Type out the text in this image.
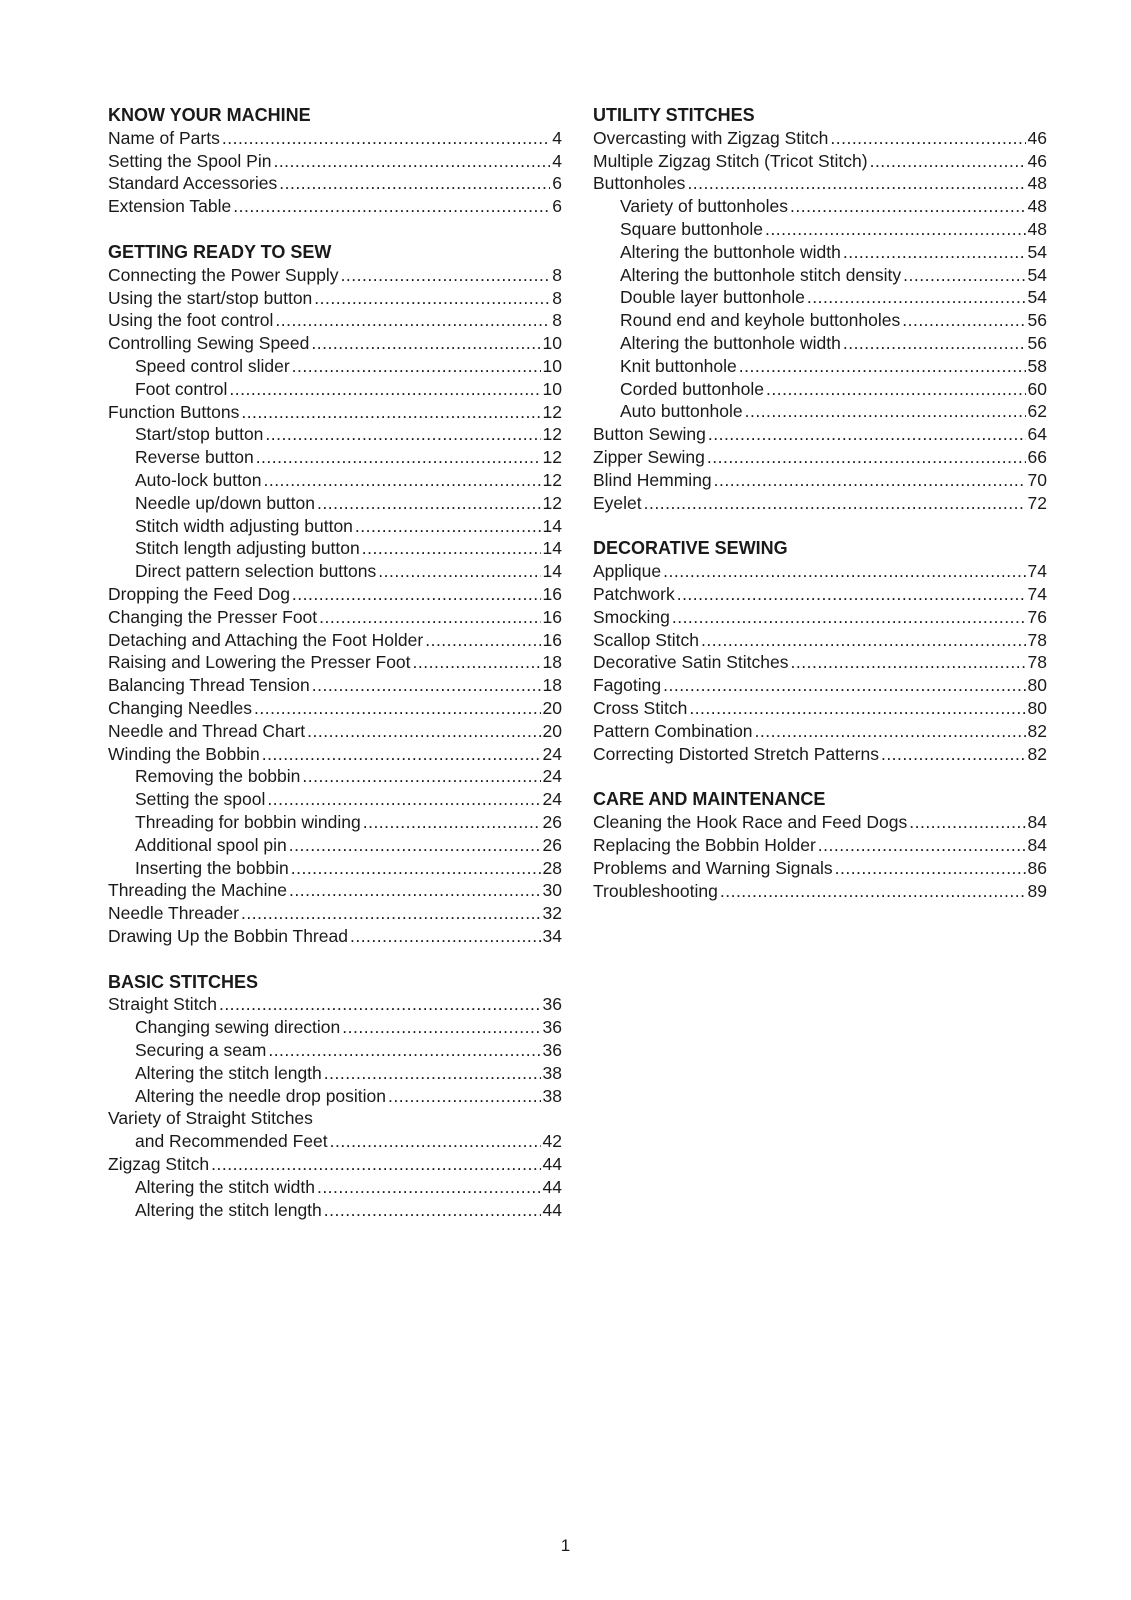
KNOW YOUR MACHINE
Name of Parts .....	4
Setting the Spool Pin .....	4
Standard Accessories .....	6
Extension Table .....	6
GETTING READY TO SEW
Connecting the Power Supply .....	8
Using the start/stop button .....	8
Using the foot control .....	8
Controlling Sewing Speed .....	10
Speed control slider .....	10
Foot control .....	10
Function Buttons .....	12
Start/stop button .....	12
Reverse button .....	12
Auto-lock button .....	12
Needle up/down button .....	12
Stitch width adjusting button .....	14
Stitch length adjusting button .....	14
Direct pattern selection buttons .....	14
Dropping the Feed Dog .....	16
Changing the Presser Foot .....	16
Detaching and Attaching the Foot Holder .....	16
Raising and Lowering the Presser Foot .....	18
Balancing Thread Tension .....	18
Changing Needles .....	20
Needle and Thread Chart .....	20
Winding the Bobbin .....	24
Removing the bobbin .....	24
Setting the spool .....	24
Threading for bobbin winding .....	26
Additional spool pin .....	26
Inserting the bobbin .....	28
Threading the Machine .....	30
Needle Threader .....	32
Drawing Up the Bobbin Thread .....	34
BASIC STITCHES
Straight Stitch .....	36
Changing sewing direction .....	36
Securing a seam .....	36
Altering the stitch length .....	38
Altering the needle drop position .....	38
Variety of Straight Stitches
and Recommended Feet .....	42
Zigzag Stitch .....	44
Altering the stitch width .....	44
Altering the stitch length .....	44
UTILITY STITCHES
Overcasting with Zigzag Stitch .....	46
Multiple Zigzag Stitch (Tricot Stitch) .....	46
Buttonholes .....	48
Variety of buttonholes .....	48
Square buttonhole .....	48
Altering the buttonhole width .....	54
Altering the buttonhole stitch density .....	54
Double layer buttonhole .....	54
Round end and keyhole buttonholes .....	56
Altering the buttonhole width .....	56
Knit buttonhole .....	58
Corded buttonhole .....	60
Auto buttonhole .....	62
Button Sewing .....	64
Zipper Sewing .....	66
Blind Hemming .....	70
Eyelet .....	72
DECORATIVE SEWING
Applique .....	74
Patchwork .....	74
Smocking .....	76
Scallop Stitch .....	78
Decorative Satin Stitches .....	78
Fagoting .....	80
Cross Stitch .....	80
Pattern Combination .....	82
Correcting Distorted Stretch Patterns .....	82
CARE AND MAINTENANCE
Cleaning the Hook Race and Feed Dogs .....	84
Replacing the Bobbin Holder .....	84
Problems and Warning Signals .....	86
Troubleshooting .....	89
1
